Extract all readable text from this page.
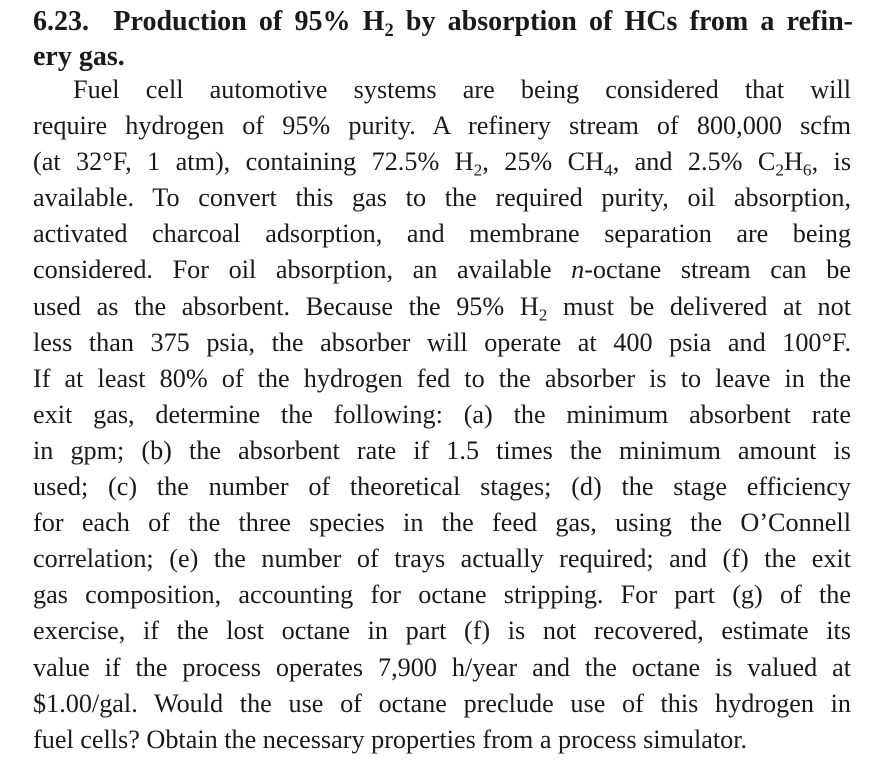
6.23. Production of 95% $H_2$ by absorption of HCs from a refin-
ery gas.
Fuel cell automotive systems are being considered that will
require hydrogen of 95% purity. A refinery stream of 800,000 scfm
(at 32°F, 1 atm), containing 72.5% $H_2$, 25% $CH_4$, and 2.5% $C_2H_6$, is
available. To convert this gas to the required purity, oil absorption,
activated charcoal adsorption, and membrane separation are being
considered. For oil absorption, an available n-octane stream can be
used as the absorbent. Because the 95% $H_2$ must be delivered at not
less than 375 psia, the absorber will operate at 400 psia and 100°F.
If at least 80% of the hydrogen fed to the absorber is to leave in the
exit gas, determine the following: (a) the minimum absorbent rate
in gpm; (b) the absorbent rate if 1.5 times the minimum amount is
used; (c) the number of theoretical stages; (d) the stage efficiency
for each of the three species in the feed gas, using the O’Connell
correlation; (e) the number of trays actually required; and (f) the exit
gas composition, accounting for octane stripping. For part (g) of the
exercise, if the lost octane in part (f) is not recovered, estimate its
value if the process operates 7,900 h/year and the octane is valued at
$1.00/gal. Would the use of octane preclude use of this hydrogen in
fuel cells? Obtain the necessary properties from a process simulator.
